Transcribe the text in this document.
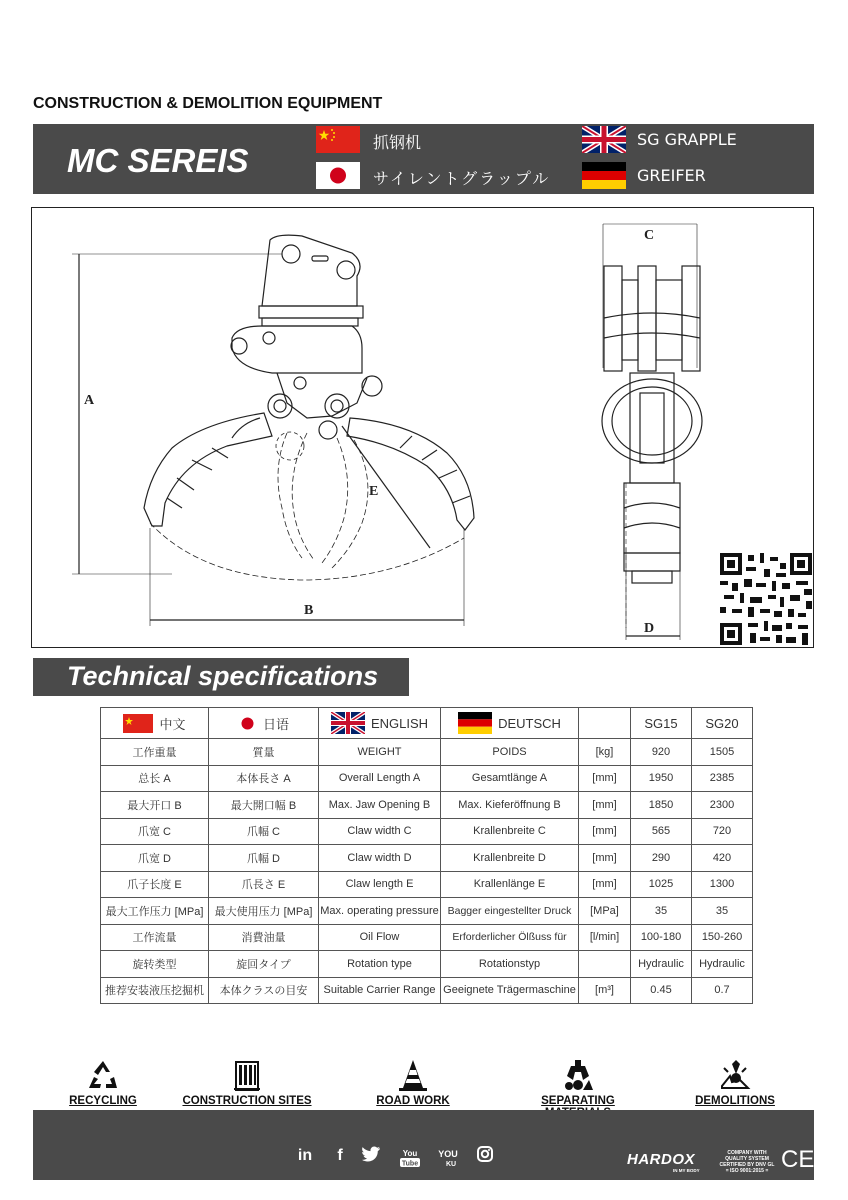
CONSTRUCTION & DEMOLITION EQUIPMENT
MC SEREIS	抓钢机
サイレントグラップル
SG GRAPPLE
GREIFER
A
B
C
D
E
Technical specifications
中文	日语	ENGLISH	DEUTSCH		SG15	SG20
工作重量	質量	WEIGHT	POIDS	[kg]	920	1505
总长 A	本体長さ A	Overall Length A	Gesamtlänge A	[mm]	1950	2385
最大开口 B	最大開口幅 B	Max. Jaw Opening B	Max. Kieferöffnung B	[mm]	1850	2300
爪宽 C	爪幅 C	Claw width C	Krallenbreite C	[mm]	565	720
爪宽 D	爪幅 D	Claw width D	Krallenbreite D	[mm]	290	420
爪子长度 E	爪長さ E	Claw length E	Krallenlänge E	[mm]	1025	1300
最大工作压力 [MPa]	最大使用压力 [MPa]	Max. operating pressure	Bagger eingestellter Druck	[MPa]	35	35
工作流量	消費油量	Oil Flow	Erforderlicher Ölßuss für	[l/min]	100-180	150-260
旋转类型	旋回タイプ	Rotation type	Rotationstyp		Hydraulic	Hydraulic
推荐安装液压挖掘机	本体クラスの目安	Suitable Carrier Range	Geeignete Trägermaschine	[m³]	0.45	0.7
RECYCLING	CONSTRUCTION SITES	ROAD WORK	SEPARATING	DEMOLITIONS
in	f	You
Tube
YOU
KU	HARDOX
IN MY BODY
COMPANY WITH
QUALITY SYSTEM
CERTIFIED BY DNV GL
= ISO 9001:2015 = CE
